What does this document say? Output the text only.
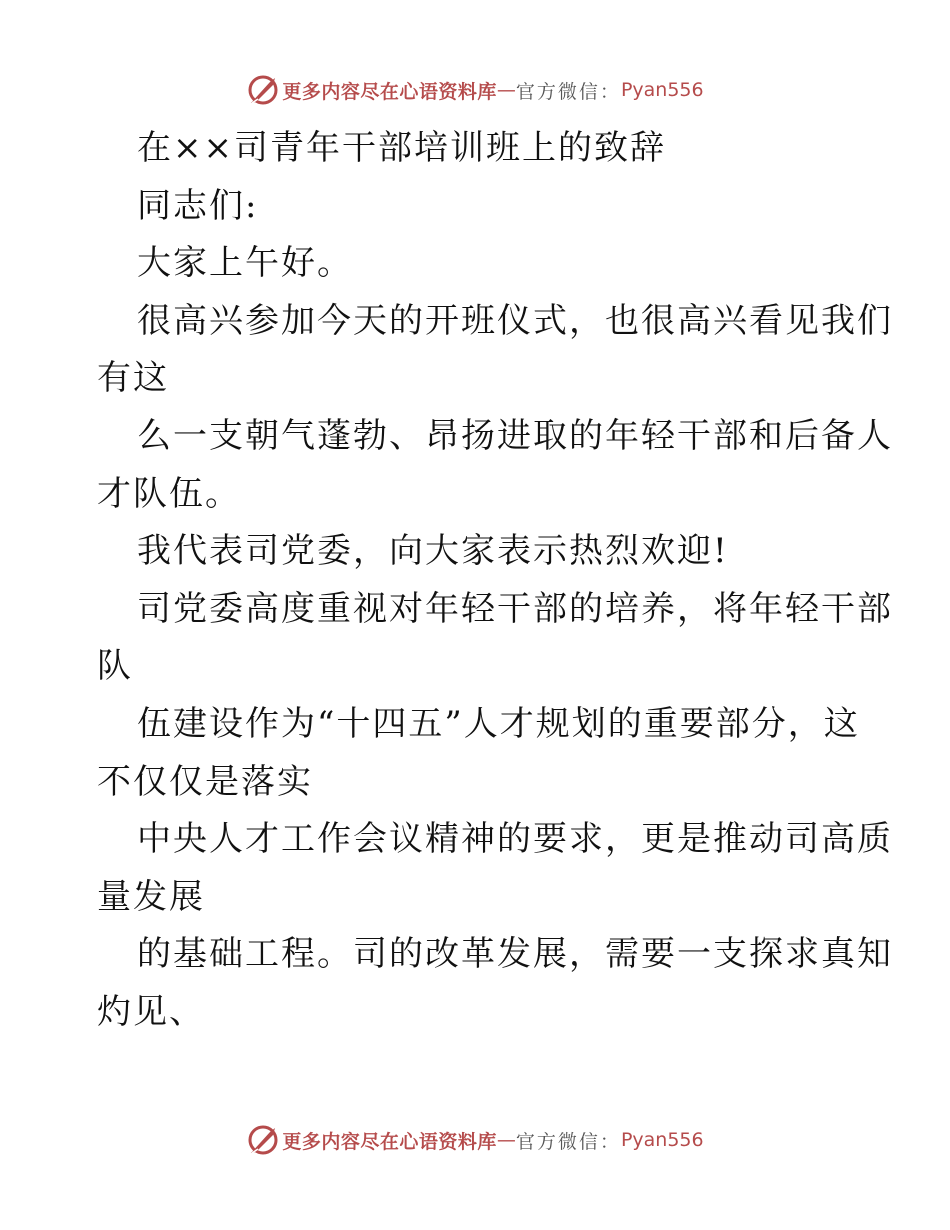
更多内容尽在心语资料库 — 官方微信： Pyan556
在××司青年干部培训班上的致辞
同志们:
大家上午好。
很高兴参加今天的开班仪式，也很高兴看见我们
有这
么一支朝气蓬勃、昂扬进取的年轻干部和后备人
才队伍。
我代表司党委，向大家表示热烈欢迎!
司党委高度重视对年轻干部的培养，将年轻干部
队
伍建设作为“十四五”人才规划的重要部分，这
不仅仅是落实
中央人才工作会议精神的要求，更是推动司高质
量发展
的基础工程。司的改革发展，需要一支探求真知
灼见、
更多内容尽在心语资料库 — 官方微信： Pyan556
